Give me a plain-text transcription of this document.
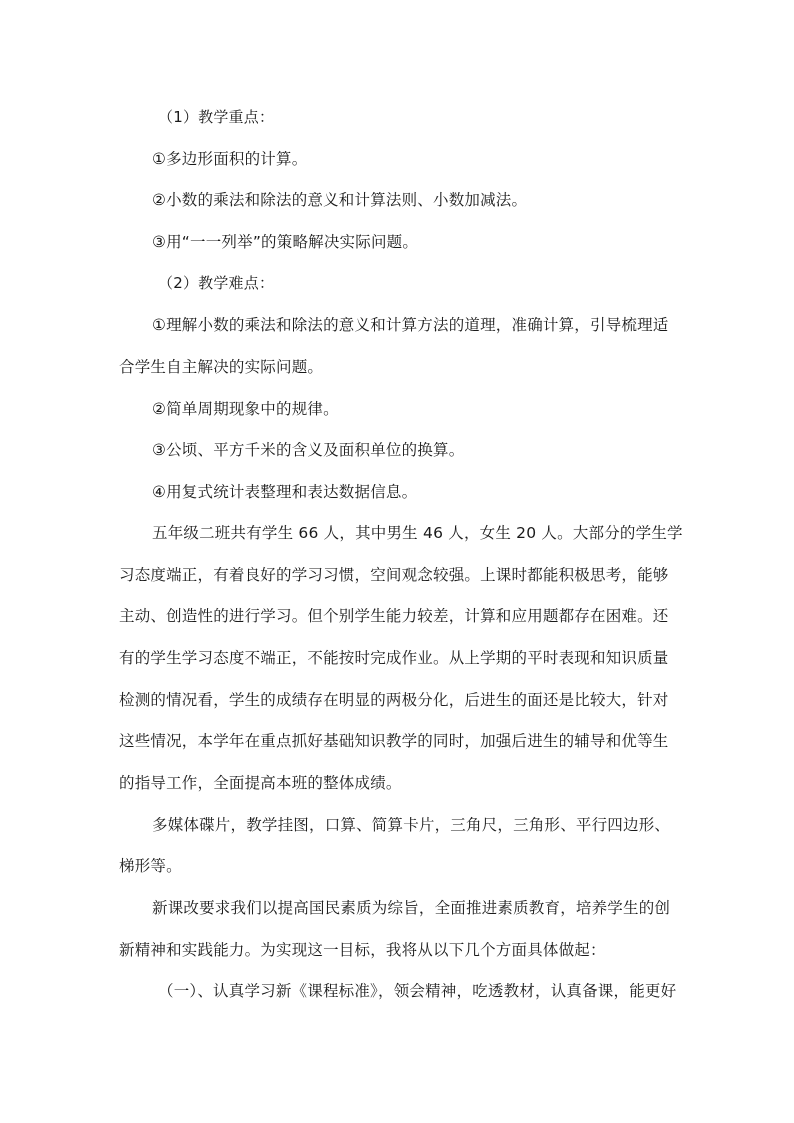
（1）教学重点：
①多边形面积的计算。
②小数的乘法和除法的意义和计算法则、小数加减法。
③用“一一列举”的策略解决实际问题。
（2）教学难点：
①理解小数的乘法和除法的意义和计算方法的道理，准确计算，引导梳理适
合学生自主解决的实际问题。
②简单周期现象中的规律。
③公顷、平方千米的含义及面积单位的换算。
④用复式统计表整理和表达数据信息。
五年级二班共有学生 66 人，其中男生 46 人，女生 20 人。大部分的学生学
习态度端正，有着良好的学习习惯，空间观念较强。上课时都能积极思考，能够
主动、创造性的进行学习。但个别学生能力较差，计算和应用题都存在困难。还
有的学生学习态度不端正，不能按时完成作业。从上学期的平时表现和知识质量
检测的情况看，学生的成绩存在明显的两极分化，后进生的面还是比较大，针对
这些情况，本学年在重点抓好基础知识教学的同时，加强后进生的辅导和优等生
的指导工作，全面提高本班的整体成绩。
多媒体碟片，教学挂图，口算、简算卡片，三角尺，三角形、平行四边形、
梯形等。
新课改要求我们以提高国民素质为综旨，全面推进素质教育，培养学生的创
新精神和实践能力。为实现这一目标，我将从以下几个方面具体做起：
（一）、认真学习新《课程标准》，领会精神，吃透教材，认真备课，能更好
